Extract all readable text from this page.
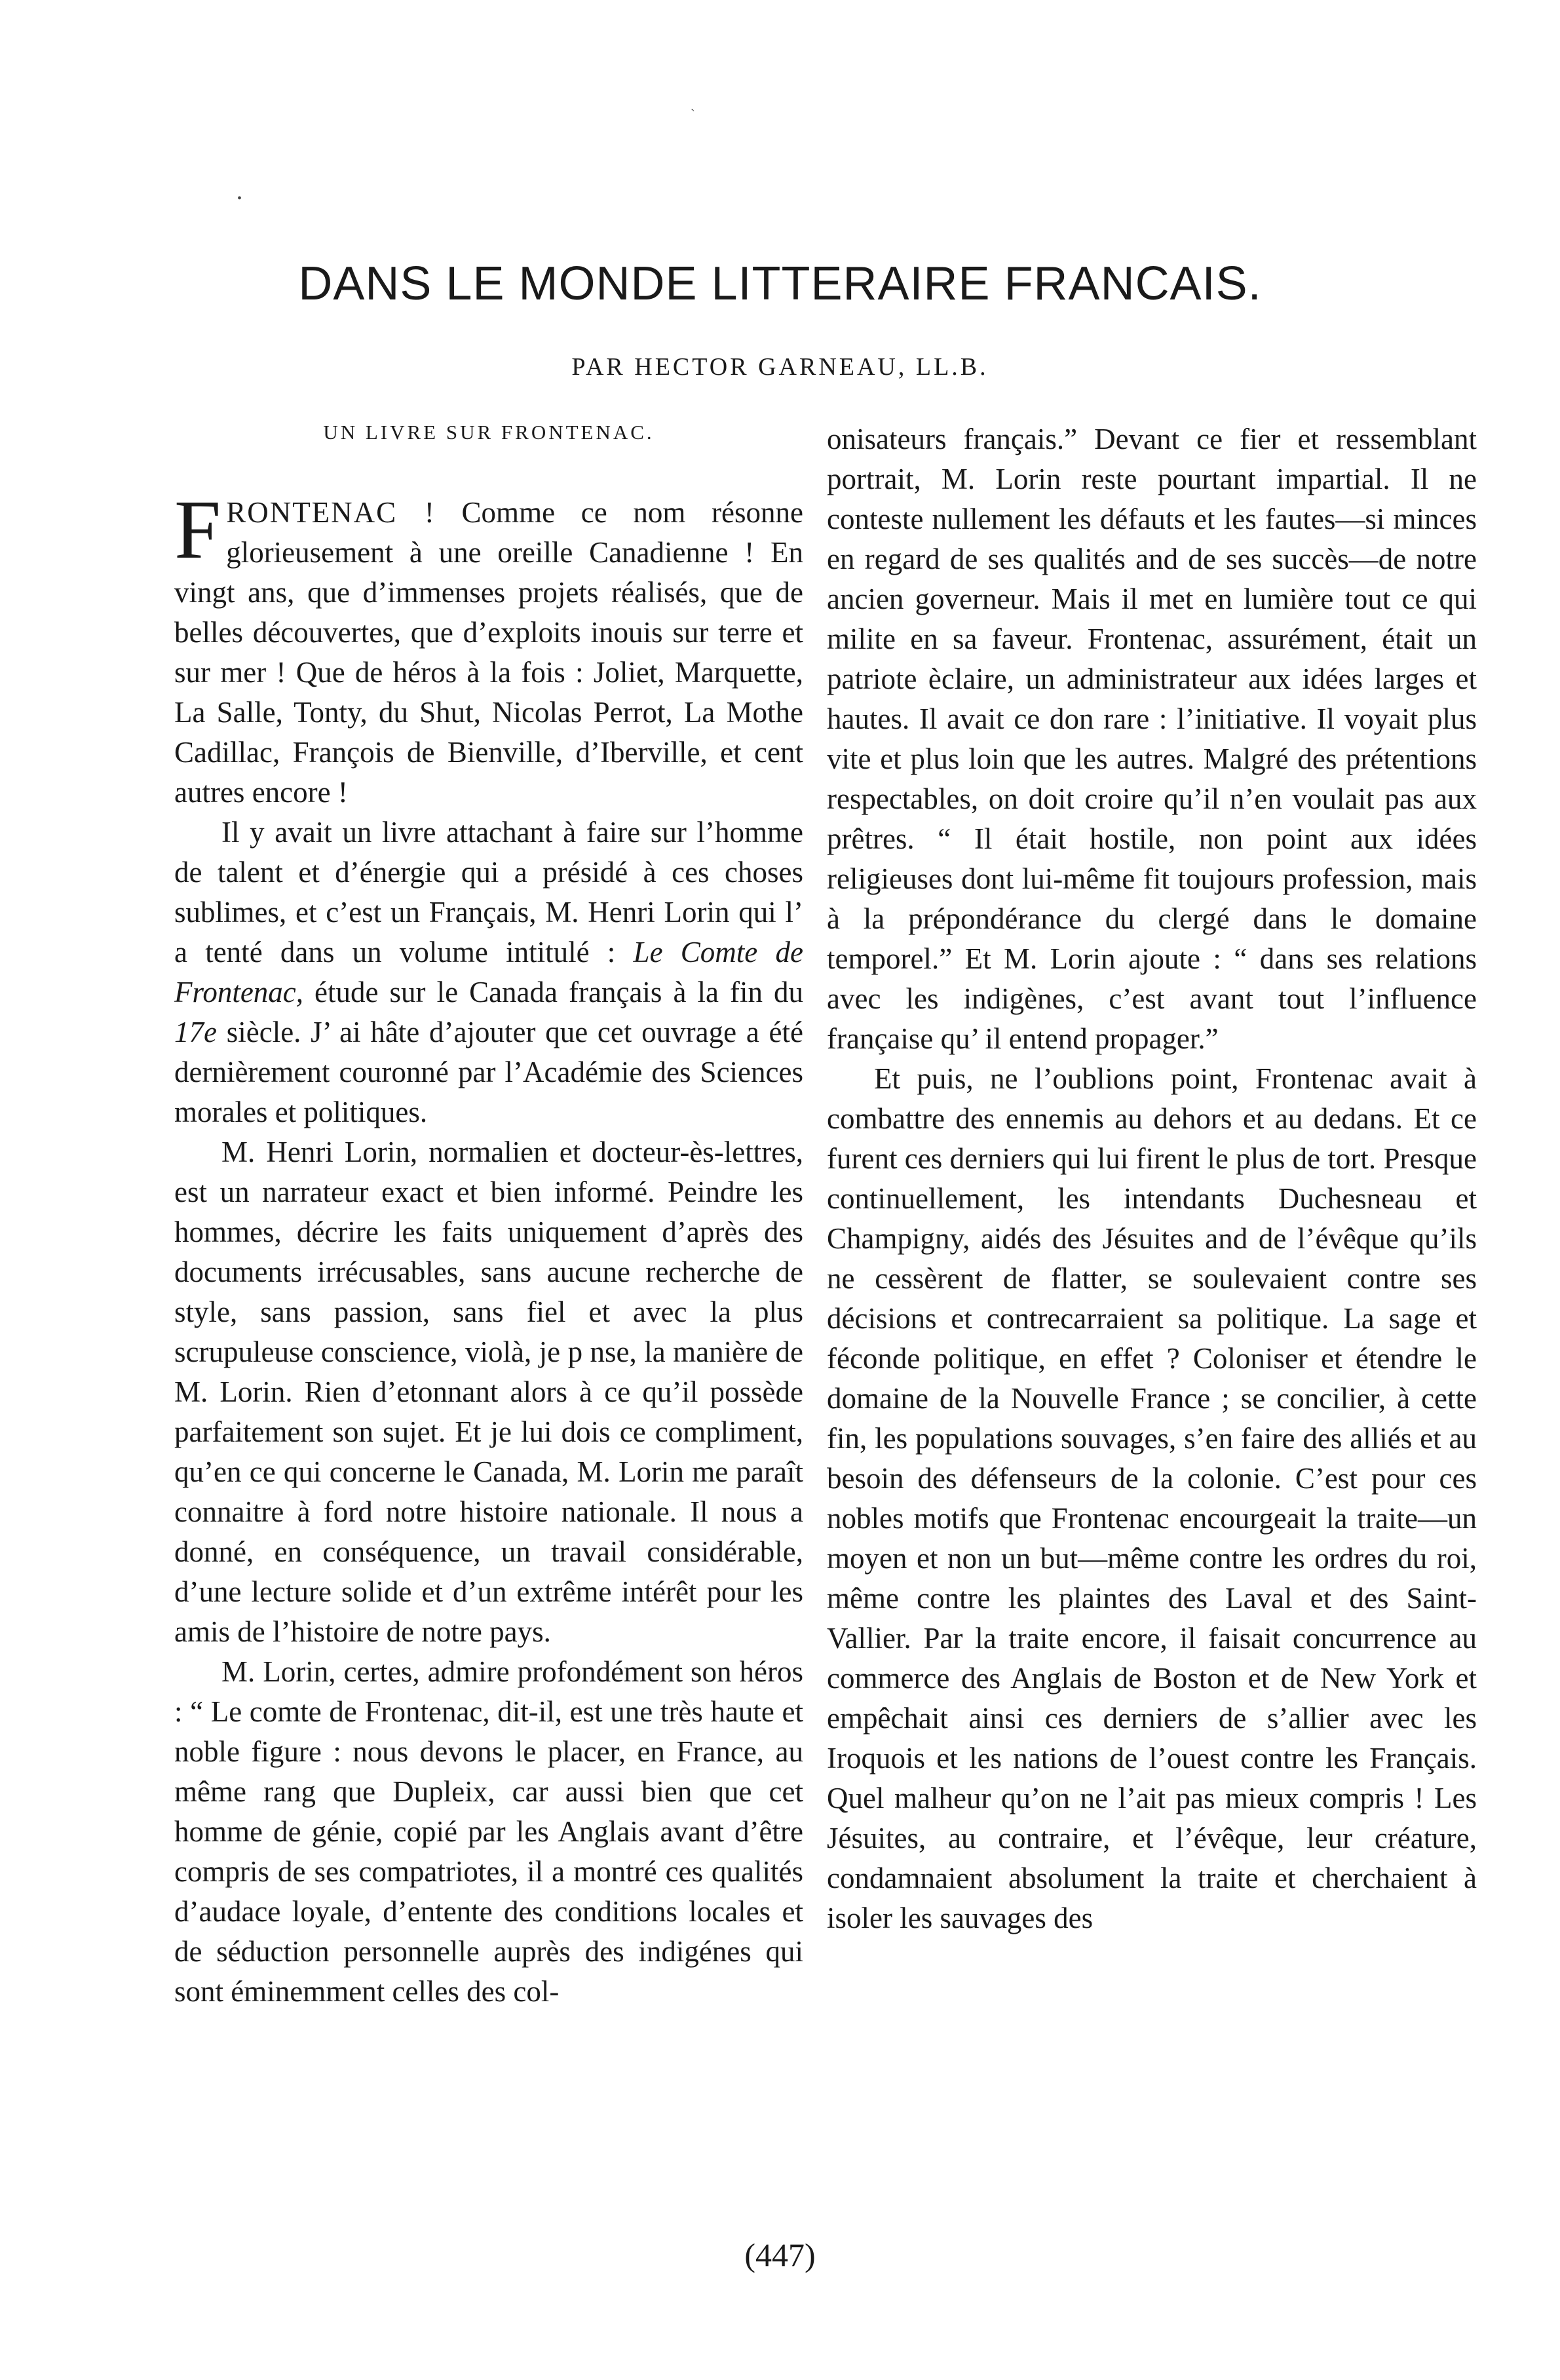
ˏ
•
DANS LE MONDE LITTERAIRE FRANCAIS.
PAR HECTOR GARNEAU, LL.B.

UN LIVRE SUR FRONTENAC.

FRONTENAC ! Comme ce nom résonne glorieusement à une oreille Canadienne ! En vingt ans, que d’immenses projets réalisés, que de belles découvertes, que d’exploits inouis sur terre et sur mer ! Que de héros à la fois : Joliet, Marquette, La Salle, Tonty, du Shut, Nicolas Perrot, La Mothe Cadillac, François de Bienville, d’Iberville, et cent autres encore !

Il y avait un livre attachant à faire sur l’homme de talent et d’énergie qui a présidé à ces choses sublimes, et c’est un Français, M. Henri Lorin qui l’ a tenté dans un volume intitulé : Le Comte de Frontenac, étude sur le Canada français à la fin du 17e siècle. J’ ai hâte d’ajouter que cet ouvrage a été dernièrement couronné par l’Académie des Sciences morales et politiques.

M. Henri Lorin, normalien et docteur-ès-lettres, est un narrateur exact et bien informé. Peindre les hommes, décrire les faits uniquement d’après des documents irrécusables, sans aucune recherche de style, sans passion, sans fiel et avec la plus scrupuleuse conscience, violà, je p nse, la manière de M. Lorin. Rien d’etonnant alors à ce qu’il possède parfaitement son sujet. Et je lui dois ce compliment, qu’en ce qui concerne le Canada, M. Lorin me paraît connaitre à ford notre histoire nationale. Il nous a donné, en conséquence, un travail considérable, d’une lecture solide et d’un extrême intérêt pour les amis de l’histoire de notre pays.

M. Lorin, certes, admire profondément son héros : “ Le comte de Frontenac, dit-il, est une très haute et noble figure : nous devons le placer, en France, au même rang que Dupleix, car aussi bien que cet homme de génie, copié par les Anglais avant d’être compris de ses compatriotes, il a montré ces qualités d’audace loyale, d’entente des conditions locales et de séduction personnelle auprès des indigénes qui sont éminemment celles des col-

onisateurs français.” Devant ce fier et ressemblant portrait, M. Lorin reste pourtant impartial. Il ne conteste nullement les défauts et les fautes—si minces en regard de ses qualités and de ses succès—de notre ancien governeur. Mais il met en lumière tout ce qui milite en sa faveur. Frontenac, assurément, était un patriote èclaire, un administrateur aux idées larges et hautes. Il avait ce don rare : l’initiative. Il voyait plus vite et plus loin que les autres. Malgré des prétentions respectables, on doit croire qu’il n’en voulait pas aux prêtres. “ Il était hostile, non point aux idées religieuses dont lui-même fit toujours profession, mais à la prépondérance du clergé dans le domaine temporel.” Et M. Lorin ajoute : “ dans ses relations avec les indigènes, c’est avant tout l’influence française qu’ il entend propager.”

Et puis, ne l’oublions point, Frontenac avait à combattre des ennemis au dehors et au dedans. Et ce furent ces derniers qui lui firent le plus de tort. Presque continuellement, les intendants Duchesneau et Champigny, aidés des Jésuites and de l’évêque qu’ils ne cessèrent de flatter, se soulevaient contre ses décisions et contrecarraient sa politique. La sage et féconde politique, en effet ? Coloniser et étendre le domaine de la Nouvelle France ; se concilier, à cette fin, les populations souvages, s’en faire des alliés et au besoin des défenseurs de la colonie. C’est pour ces nobles motifs que Frontenac encourgeait la traite—un moyen et non un but—même contre les ordres du roi, même contre les plaintes des Laval et des Saint-Vallier. Par la traite encore, il faisait concurrence au commerce des Anglais de Boston et de New York et empêchait ainsi ces derniers de s’allier avec les Iroquois et les nations de l’ouest contre les Français. Quel malheur qu’on ne l’ait pas mieux compris ! Les Jésuites, au contraire, et l’évêque, leur créature, condamnaient absolument la traite et cherchaient à isoler les sauvages des

(447)
